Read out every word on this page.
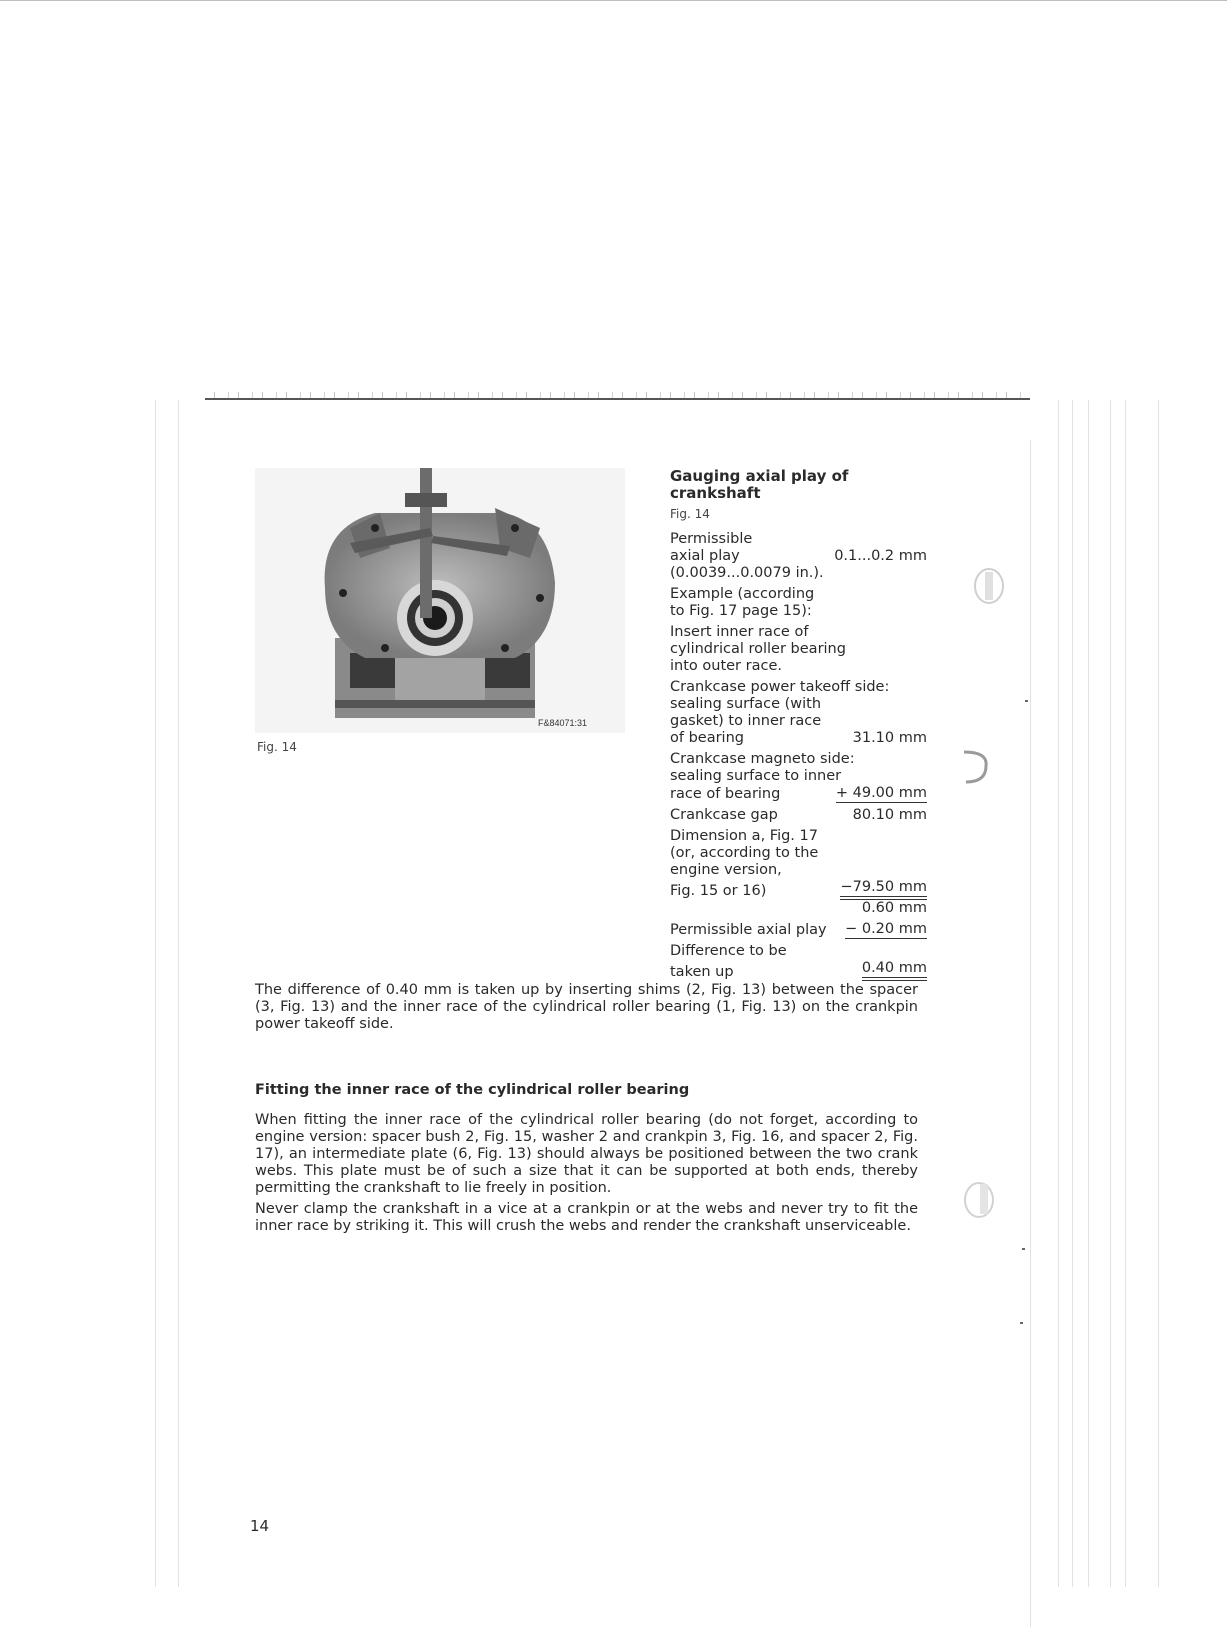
F&84071:31
Fig. 14
Gauging axial play of crankshaft
Fig. 14
Permissible
axial play	0.1...0.2 mm
(0.0039...0.0079 in.).
Example (according
to Fig. 17 page 15):
Insert inner race of
cylindrical roller bearing
into outer race.
Crankcase power takeoff side:
sealing surface (with
gasket) to inner race
of bearing	31.10 mm
Crankcase magneto side:
sealing surface to inner
race of bearing	+ 49.00 mm
Crankcase gap	80.10 mm
Dimension a, Fig. 17
(or, according to the
engine version,
Fig. 15 or 16)	−79.50 mm
0.60 mm
Permissible axial play − 0.20 mm
Difference to be
taken up	0.40 mm
The difference of 0.40 mm is taken up by inserting shims (2, Fig. 13) between the spacer (3, Fig. 13) and the inner race of the cylindrical roller bearing (1, Fig. 13) on the crankpin power takeoff side.
Fitting the inner race of the cylindrical roller bearing

When fitting the inner race of the cylindrical roller bearing (do not forget, according to engine version: spacer bush 2, Fig. 15, washer 2 and crankpin 3, Fig. 16, and spacer 2, Fig. 17), an intermediate plate (6, Fig. 13) should always be positioned between the two crank webs. This plate must be of such a size that it can be supported at both ends, thereby permitting the crankshaft to lie freely in position.

Never clamp the crankshaft in a vice at a crankpin or at the webs and never try to fit the inner race by striking it. This will crush the webs and render the crankshaft unserviceable.

14
